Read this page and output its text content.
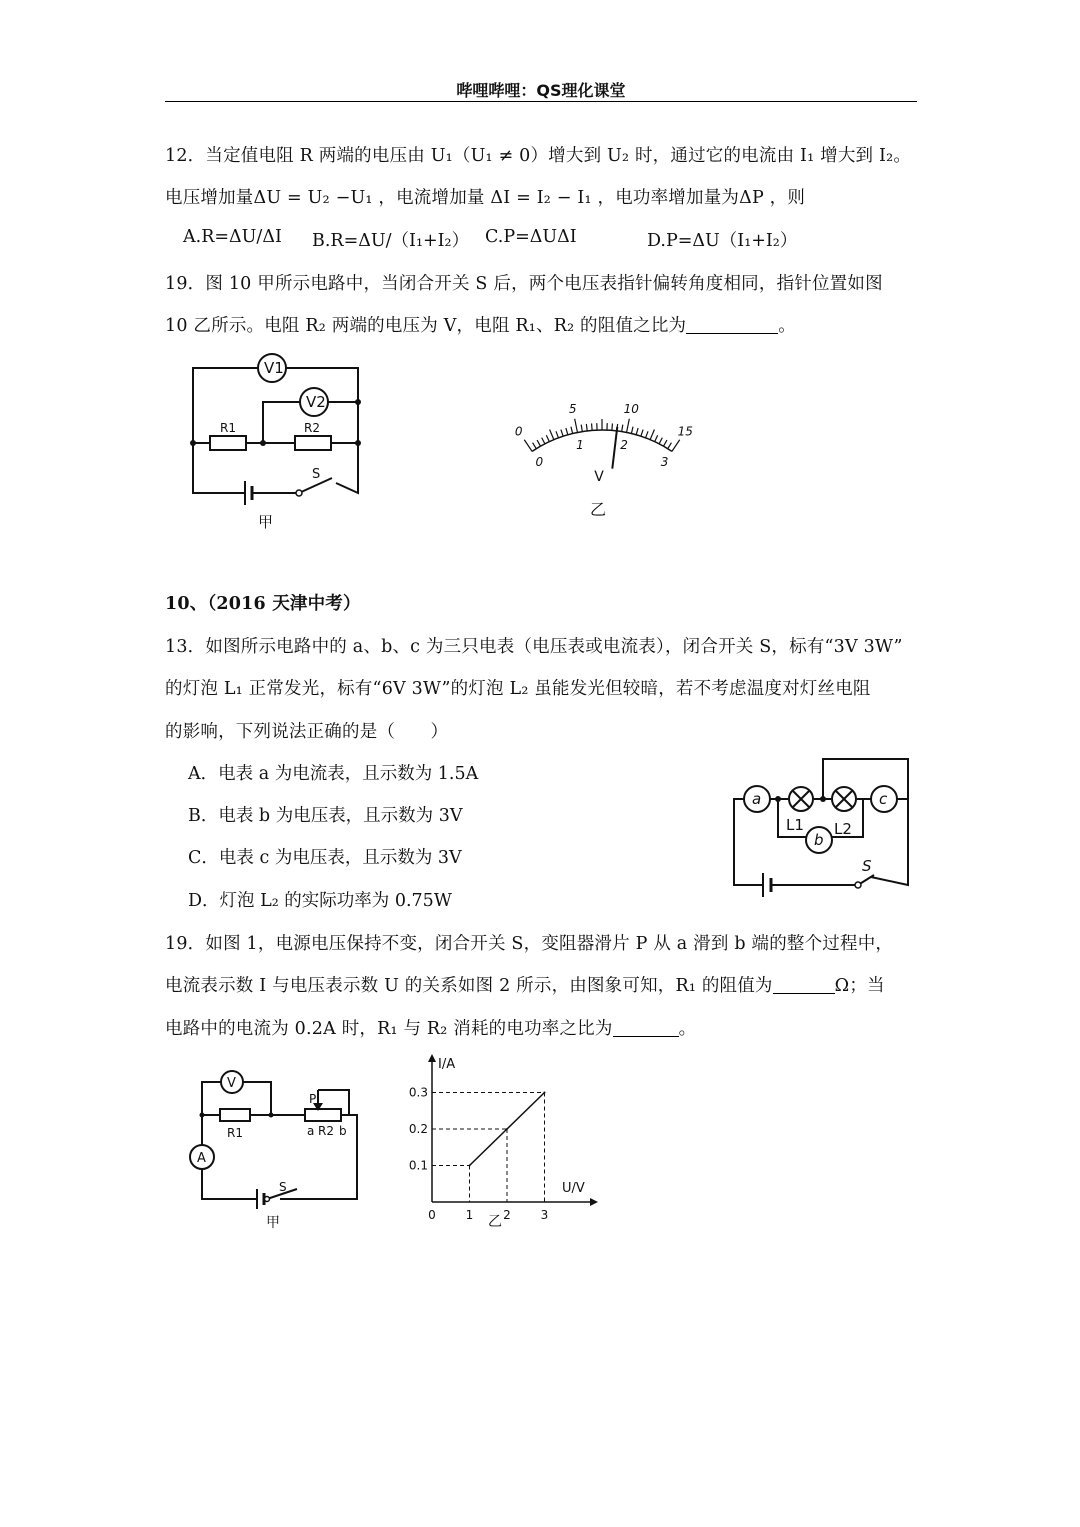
哔哩哔哩：QS理化课堂
12．当定值电阻 R 两端的电压由 U₁（U₁ ≠ 0）增大到 U₂ 时，通过它的电流由 I₁ 增大到 I₂。
电压增加量ΔU = U₂ −U₁ ，电流增加量 ΔI = I₂ − I₁ ，电功率增加量为ΔP ，则
A.R=ΔU/ΔI B.R=ΔU/（I₁+I₂） C.P=ΔUΔI	D.P=ΔU（I₁+I₂）
19．图 10 甲所示电路中，当闭合开关 S 后，两个电压表指针偏转角度相同，指针位置如图
10 乙所示。电阻 R₂ 两端的电压为 V，电阻 R₁、R₂ 的阻值之比为	。
V1
V2
R1	R2
S
甲
0
5	10
15
0
1	2
3
V
乙
10、（2016 天津中考）
13．如图所示电路中的 a、b、c 为三只电表（电压表或电流表），闭合开关 S，标有“3V 3W”
的灯泡 L₁ 正常发光，标有“6V 3W”的灯泡 L₂ 虽能发光但较暗，若不考虑温度对灯丝电阻
的影响，下列说法正确的是（　　）
A．电表 a 为电流表，且示数为 1.5A
B．电表 b 为电压表，且示数为 3V
C．电表 c 为电压表，且示数为 3V
D．灯泡 L₂ 的实际功率为 0.75W
a	c
b
L1 L2
S
19．如图 1，电源电压保持不变，闭合开关 S，变阻器滑片 P 从 a 滑到 b 端的整个过程中，
电流表示数 I 与电压表示数 U 的关系如图 2 所示，由图象可知，R₁ 的阻值为	Ω；当
电路中的电流为 0.2A 时，R₁ 与 R₂ 消耗的电功率之比为	。
V
A
R1
P
a R2 b
S
甲
I/A
U/V
0 1 2 3
0.1
0.2
0.3
乙
